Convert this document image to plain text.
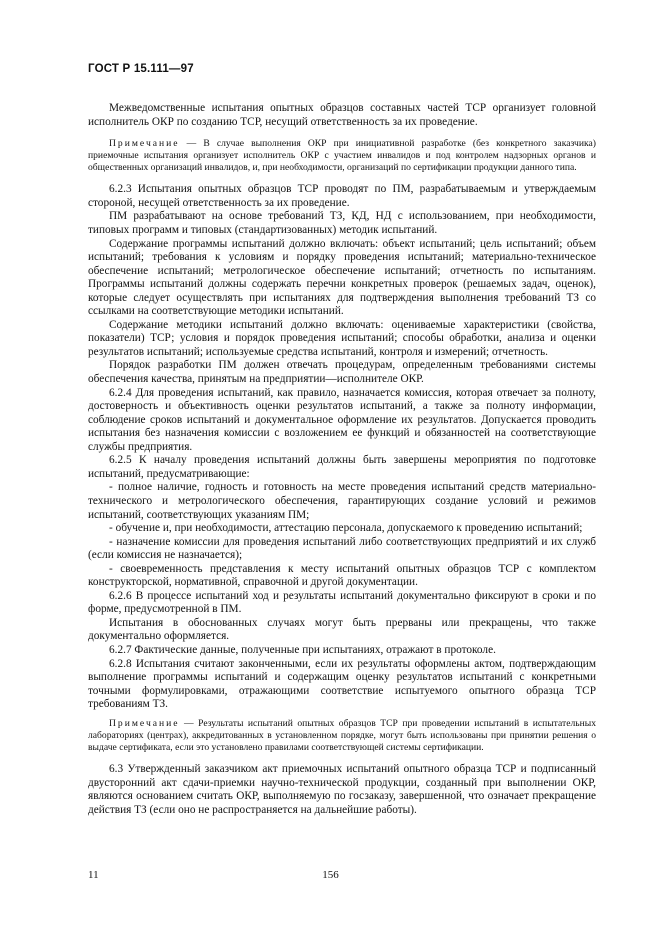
ГОСТ Р 15.111—97

Межведомственные испытания опытных образцов составных частей ТСР организует головной исполнитель ОКР по созданию ТСР, несущий ответственность за их проведение.

Примечание — В случае выполнения ОКР при инициативной разработке (без конкретного заказчика) приемочные испытания организует исполнитель ОКР с участием инвалидов и под контролем надзорных органов и общественных организаций инвалидов, и, при необходимости, организаций по сертификации продукции данного типа.

6.2.3 Испытания опытных образцов ТСР проводят по ПМ, разрабатываемым и утверждаемым стороной, несущей ответственность за их проведение.

ПМ разрабатывают на основе требований ТЗ, КД, НД с использованием, при необходимости, типовых программ и типовых (стандартизованных) методик испытаний.

Содержание программы испытаний должно включать: объект испытаний; цель испытаний; объем испытаний; требования к условиям и порядку проведения испытаний; материально-техническое обеспечение испытаний; метрологическое обеспечение испытаний; отчетность по испытаниям. Программы испытаний должны содержать перечни конкретных проверок (решаемых задач, оценок), которые следует осуществлять при испытаниях для подтверждения выполнения требований ТЗ со ссылками на соответствующие методики испытаний.

Содержание методики испытаний должно включать: оцениваемые характеристики (свойства, показатели) ТСР; условия и порядок проведения испытаний; способы обработки, анализа и оценки результатов испытаний; используемые средства испытаний, контроля и измерений; отчетность.

Порядок разработки ПМ должен отвечать процедурам, определенным требованиями системы обеспечения качества, принятым на предприятии—исполнителе ОКР.

6.2.4 Для проведения испытаний, как правило, назначается комиссия, которая отвечает за полноту, достоверность и объективность оценки результатов испытаний, а также за полноту информации, соблюдение сроков испытаний и документальное оформление их результатов. Допускается проводить испытания без назначения комиссии с возложением ее функций и обязанностей на соответствующие службы предприятия.

6.2.5 К началу проведения испытаний должны быть завершены мероприятия по подготовке испытаний, предусматривающие:

- полное наличие, годность и готовность на месте проведения испытаний средств материально-технического и метрологического обеспечения, гарантирующих создание условий и режимов испытаний, соответствующих указаниям ПМ;

- обучение и, при необходимости, аттестацию персонала, допускаемого к проведению испытаний;

- назначение комиссии для проведения испытаний либо соответствующих предприятий и их служб (если комиссия не назначается);

- своевременность представления к месту испытаний опытных образцов ТСР с комплектом конструкторской, нормативной, справочной и другой документации.

6.2.6 В процессе испытаний ход и результаты испытаний документально фиксируют в сроки и по форме, предусмотренной в ПМ.

Испытания в обоснованных случаях могут быть прерваны или прекращены, что также документально оформляется.

6.2.7 Фактические данные, полученные при испытаниях, отражают в протоколе.

6.2.8 Испытания считают законченными, если их результаты оформлены актом, подтверждающим выполнение программы испытаний и содержащим оценку результатов испытаний с конкретными точными формулировками, отражающими соответствие испытуемого опытного образца ТСР требованиям ТЗ.

Примечание — Результаты испытаний опытных образцов ТСР при проведении испытаний в испытательных лабораториях (центрах), аккредитованных в установленном порядке, могут быть использованы при принятии решения о выдаче сертификата, если это установлено правилами соответствующей системы сертификации.

6.3 Утвержденный заказчиком акт приемочных испытаний опытного образца ТСР и подписанный двусторонний акт сдачи-приемки научно-технической продукции, созданный при выполнении ОКР, являются основанием считать ОКР, выполняемую по госзаказу, завершенной, что означает прекращение действия ТЗ (если оно не распространяется на дальнейшие работы).

11	156
